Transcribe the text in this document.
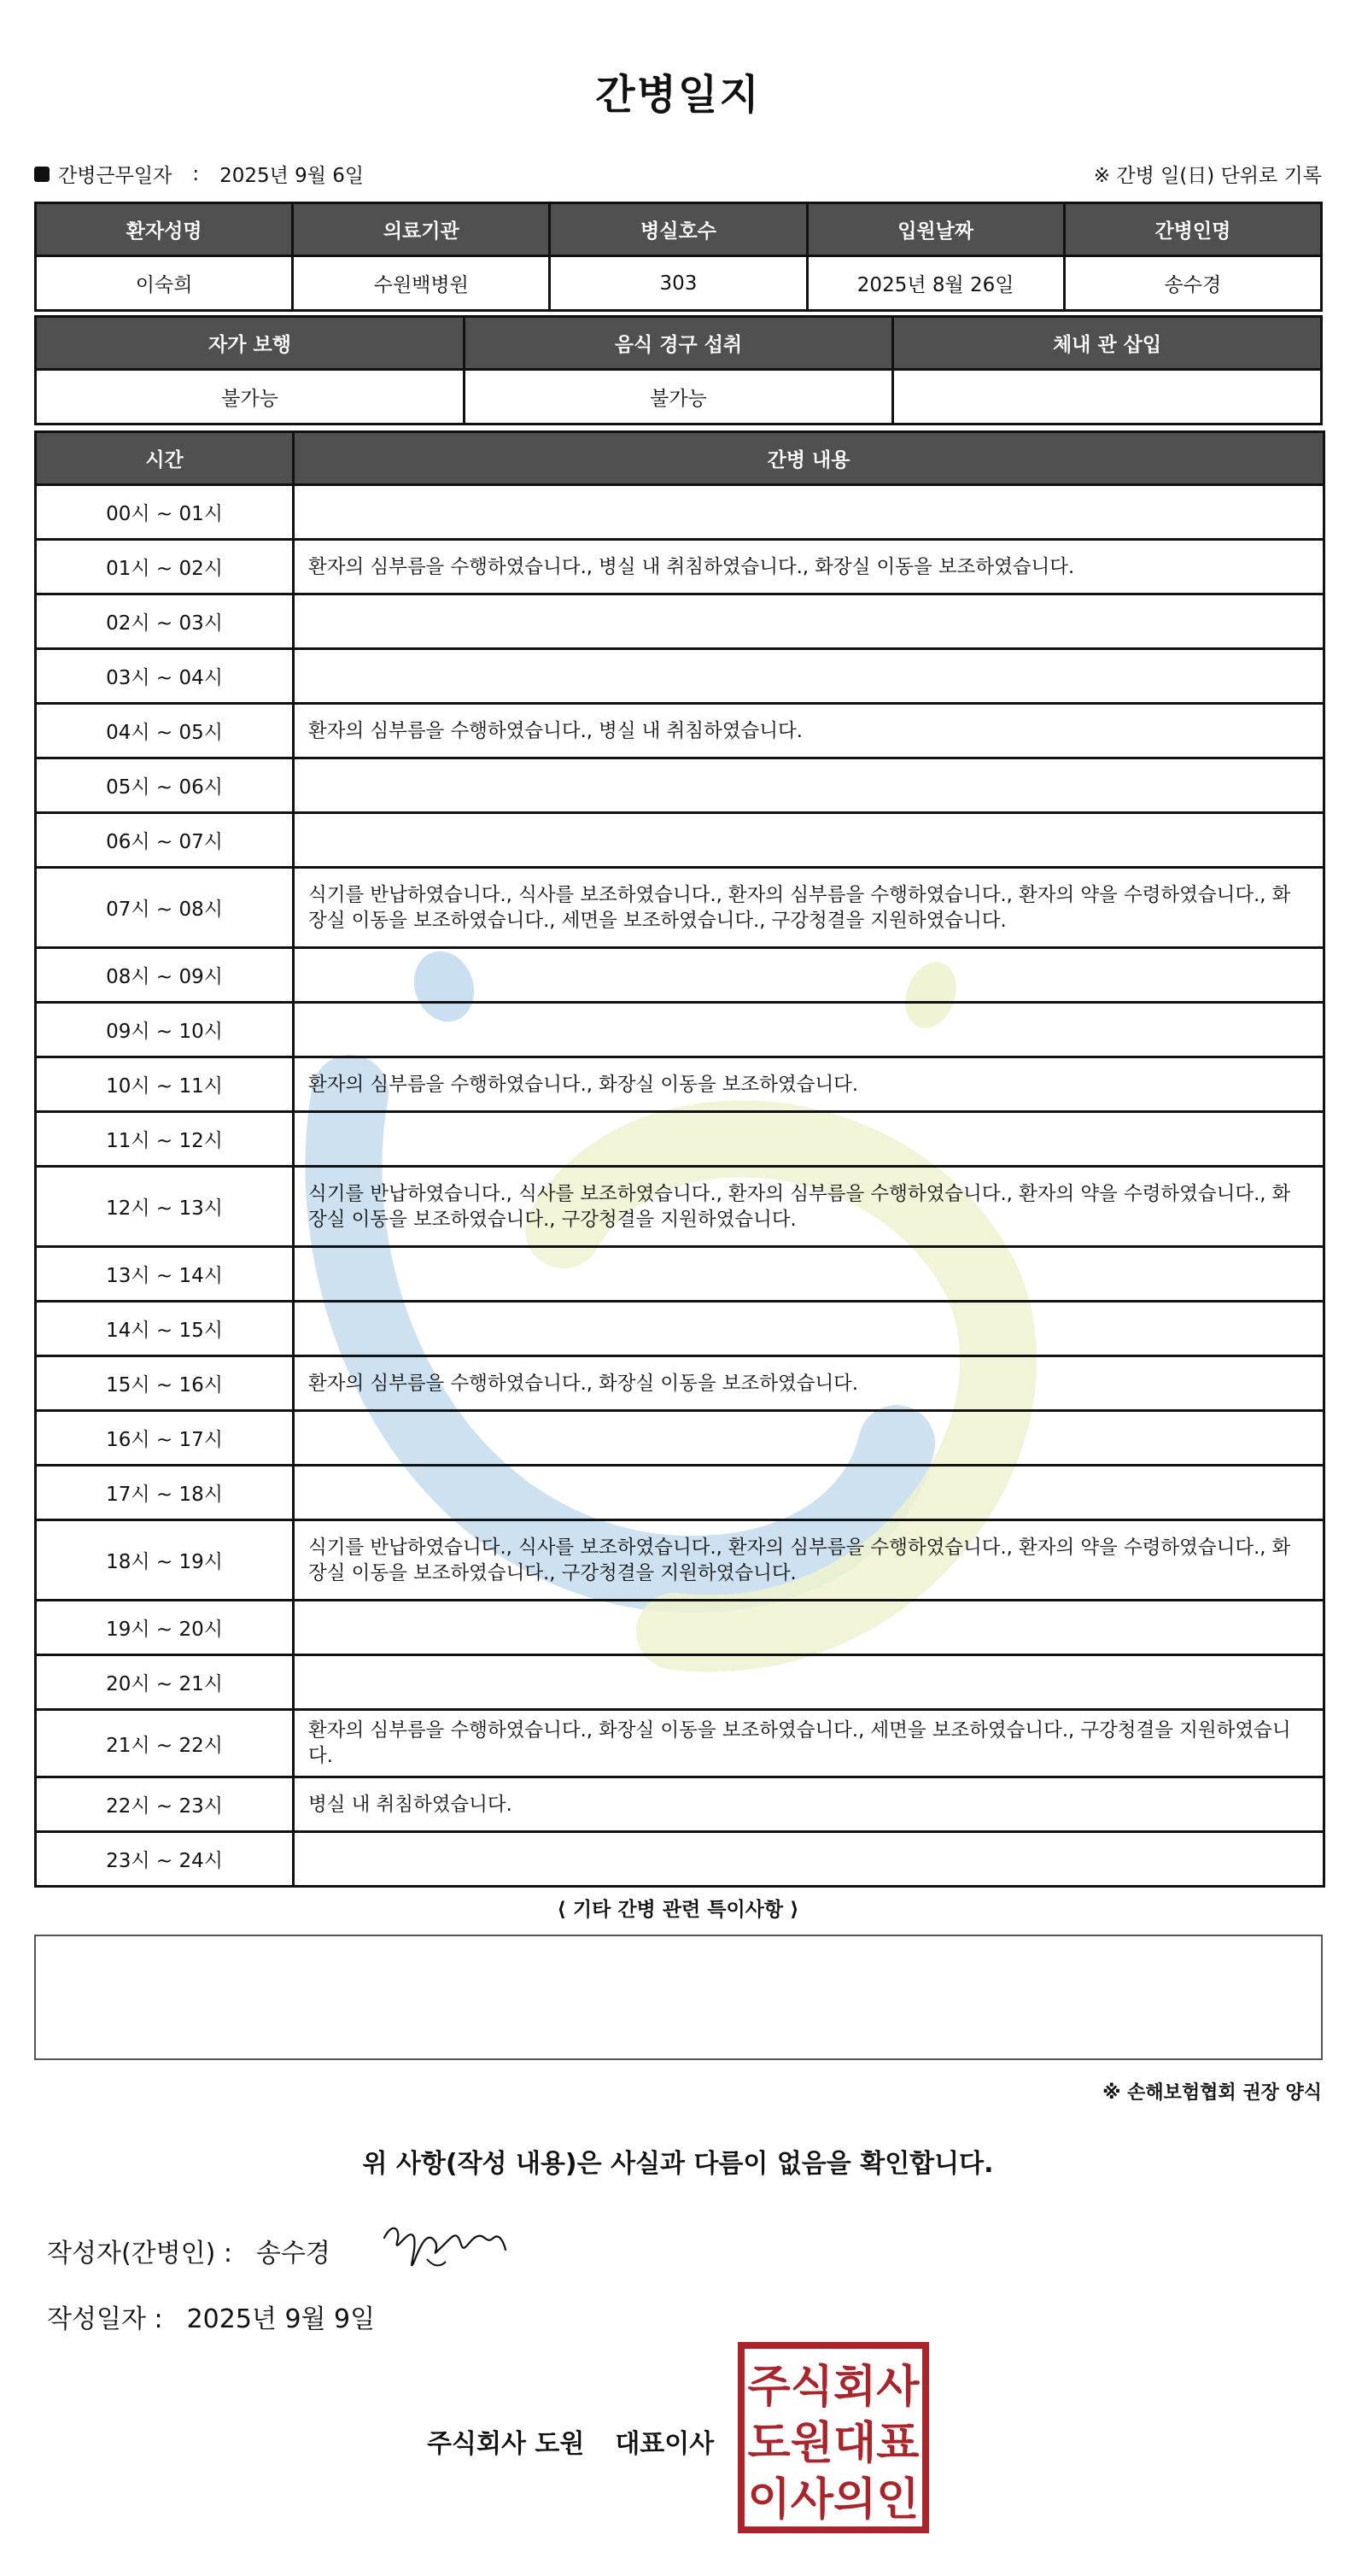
간병일지
간병근무일자 : 2025년 9월 6일	※ 간병 일(日) 단위로 기록
환자성명	의료기관	병실호수	입원날짜	간병인명
이숙희	수원백병원	303	2025년 8월 26일	송수경
자가 보행	음식 경구 섭취	체내 관 삽입
불가능	불가능	
시간	간병 내용
00시 ~ 01시	
01시 ~ 02시	환자의 심부름을 수행하였습니다., 병실 내 취침하였습니다., 화장실 이동을 보조하였습니다.
02시 ~ 03시	
03시 ~ 04시	
04시 ~ 05시	환자의 심부름을 수행하였습니다., 병실 내 취침하였습니다.
05시 ~ 06시	
06시 ~ 07시	
07시 ~ 08시	식기를 반납하였습니다., 식사를 보조하였습니다., 환자의 심부름을 수행하였습니다., 환자의 약을 수령하였습니다., 화장실 이동을 보조하였습니다., 세면을 보조하였습니다., 구강청결을 지원하였습니다.
08시 ~ 09시	
09시 ~ 10시	
10시 ~ 11시	환자의 심부름을 수행하였습니다., 화장실 이동을 보조하였습니다.
11시 ~ 12시	
12시 ~ 13시	식기를 반납하였습니다., 식사를 보조하였습니다., 환자의 심부름을 수행하였습니다., 환자의 약을 수령하였습니다., 화장실 이동을 보조하였습니다., 구강청결을 지원하였습니다.
13시 ~ 14시	
14시 ~ 15시	
15시 ~ 16시	환자의 심부름을 수행하였습니다., 화장실 이동을 보조하였습니다.
16시 ~ 17시	
17시 ~ 18시	
18시 ~ 19시	식기를 반납하였습니다., 식사를 보조하였습니다., 환자의 심부름을 수행하였습니다., 환자의 약을 수령하였습니다., 화장실 이동을 보조하였습니다., 구강청결을 지원하였습니다.
19시 ~ 20시	
20시 ~ 21시	
21시 ~ 22시	환자의 심부름을 수행하였습니다., 화장실 이동을 보조하였습니다., 세면을 보조하였습니다., 구강청결을 지원하였습니다.
22시 ~ 23시	병실 내 취침하였습니다.
23시 ~ 24시	
⟨ 기타 간병 관련 특이사항 ⟩
※ 손해보험협회 권장 양식
위 사항(작성 내용)은 사실과 다름이 없음을 확인합니다.
작성자(간병인) : 송수경
작성일자 : 2025년 9월 9일
주식회사 도원 대표이사
주식회사
도원대표
이사의인
